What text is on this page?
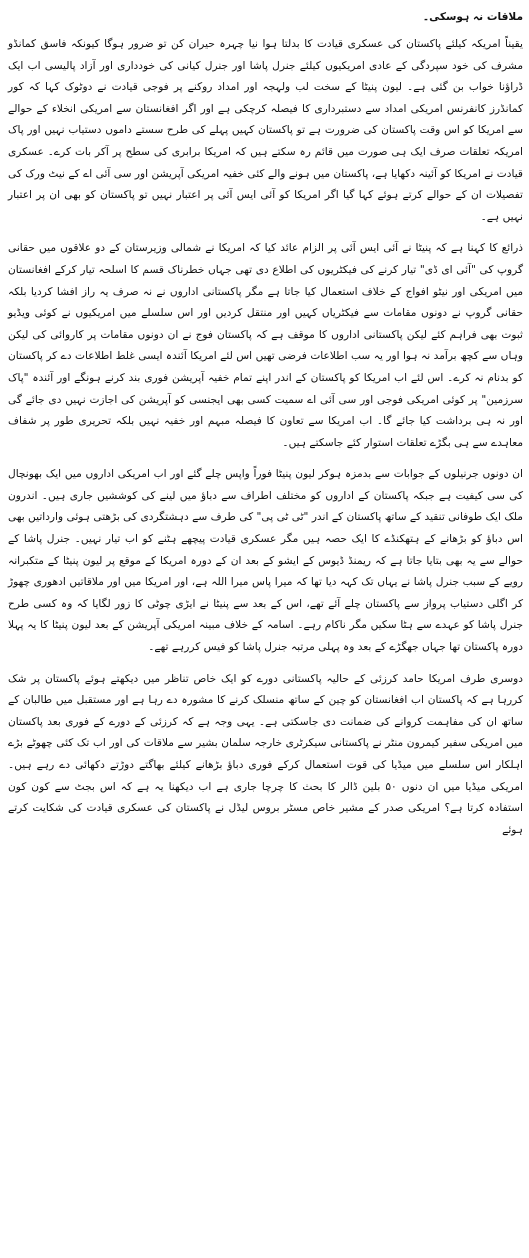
ملاقات نہ ہوسکی۔

یقیناً امریکہ کیلئے پاکستان کی عسکری قیادت کا بدلتا ہوا نیا چہرہ حیران کن تو ضرور ہوگا کیونکہ فاسق کمانڈو مشرف کی خود سپردگی کے عادی امریکیوں کیلئے جنرل پاشا اور جنرل کیانی کی خودداری اور آزاد پالیسی اب ایک ڈراؤنا خواب بن گئی ہے۔ لیون پنیٹا کے سخت لب ولہجہ اور امداد روکنے پر فوجی قیادت نے دوٹوک کہا کہ کور کمانڈرز کانفرنس امریکی امداد سے دستبرداری کا فیصلہ کرچکی ہے اور اگر افغانستان سے امریکی انخلاء کے حوالے سے امریکا کو اس وقت پاکستان کی ضرورت ہے تو پاکستان کہیں پہلے کی طرح سستے داموں دستیاب نہیں اور پاک امریکہ تعلقات صرف ایک ہی صورت میں قائم رہ سکتے ہیں کہ امریکا برابری کی سطح پر آکر بات کرے۔ عسکری قیادت نے امریکا کو آئینہ دکھایا ہے، پاکستان میں ہونے والے کئی خفیہ امریکی آپریشن اور سی آئی اے کے نیٹ ورک کی تفصیلات ان کے حوالے کرتے ہوئے کہا گیا اگر امریکا کو آئی ایس آئی پر اعتبار نہیں تو پاکستان کو بھی ان پر اعتبار نہیں ہے۔

ذرائع کا کہنا ہے کہ پنیٹا نے آئی ایس آئی پر الزام عائد کیا کہ امریکا نے شمالی وزیرستان کے دو علاقوں میں حقانی گروپ کی "آئی ای ڈی" تیار کرنے کی فیکٹریوں کی اطلاع دی تھی جہاں خطرناک قسم کا اسلحہ تیار کرکے افغانستان میں امریکی اور نیٹو افواج کے خلاف استعمال کیا جاتا ہے مگر پاکستانی اداروں نے نہ صرف یہ راز افشا کردیا بلکہ حقانی گروپ نے دونوں مقامات سے فیکٹریاں کہیں اور منتقل کردیں اور اس سلسلے میں امریکیوں نے کوئی ویڈیو ثبوت بھی فراہم کئے لیکن پاکستانی اداروں کا موقف ہے کہ پاکستان فوج نے ان دونوں مقامات پر کاروائی کی لیکن وہاں سے کچھ برآمد نہ ہوا اور یہ سب اطلاعات فرضی تھیں اس لئے امریکا آئندہ ایسی غلط اطلاعات دے کر پاکستان کو بدنام نہ کرے۔ اس لئے اب امریکا کو پاکستان کے اندر اپنے تمام خفیہ آپریشن فوری بند کرنے ہونگے اور آئندہ "پاک سرزمین" پر کوئی امریکی فوجی اور سی آئی اے سمیت کسی بھی ایجنسی کو آپریشن کی اجازت نہیں دی جائے گی اور نہ ہی برداشت کیا جائے گا۔ اب امریکا سے تعاون کا فیصلہ مبہم اور خفیہ نہیں بلکہ تحریری طور پر شفاف معاہدے سے ہی بگڑے تعلقات استوار کئے جاسکتے ہیں۔

ان دونوں جرنیلوں کے جوابات سے بدمزہ ہوکر لیون پنیٹا فوراً واپس چلے گئے اور اب امریکی اداروں میں ایک بھونچال کی سی کیفیت ہے جبکہ پاکستان کے اداروں کو مختلف اطراف سے دباؤ میں لینے کی کوششیں جاری ہیں۔ اندرون ملک ایک طوفانی تنقید کے ساتھ پاکستان کے اندر "ٹی ٹی پی" کی طرف سے دہشتگردی کی بڑھتی ہوئی وارداتیں بھی اس دباؤ کو بڑھانے کے ہتھکنڈے کا ایک حصہ ہیں مگر عسکری قیادت پیچھے ہٹنے کو اب تیار نہیں۔ جنرل پاشا کے حوالے سے یہ بھی بتایا جاتا ہے کہ ریمنڈ ڈیوس کے ایشو کے بعد ان کے دورہ امریکا کے موقع پر لیون پنیٹا کے متکبرانہ رویے کے سبب جنرل پاشا نے یہاں تک کہہ دیا تھا کہ میرا پاس میرا اللہ ہے، اور امریکا میں اور ملاقاتیں ادھوری چھوڑ کر اگلی دستیاب پرواز سے پاکستان چلے آئے تھے، اس کے بعد سے پنیٹا نے ایڑی چوٹی کا زور لگایا کہ وہ کسی طرح جنرل پاشا کو عہدے سے ہٹا سکیں مگر ناکام رہے۔ اسامہ کے خلاف مبینہ امریکی آپریشن کے بعد لیون پنیٹا کا یہ پہلا دورہ پاکستان تھا جہاں جھگڑے کے بعد وہ پہلی مرتبہ جنرل پاشا کو فیس کررہے تھے۔

دوسری طرف امریکا حامد کرزئی کے حالیہ پاکستانی دورے کو ایک خاص تناظر میں دیکھتے ہوئے پاکستان پر شک کررہا ہے کہ پاکستان اب افغانستان کو چین کے ساتھ منسلک کرنے کا مشورہ دے رہا ہے اور مستقبل میں طالبان کے ساتھ ان کی مفاہمت کروانے کی ضمانت دی جاسکتی ہے۔ یہی وجہ ہے کہ کرزئی کے دورے کے فوری بعد پاکستان میں امریکی سفیر کیمرون منٹر نے پاکستانی سیکرٹری خارجہ سلمان بشیر سے ملاقات کی اور اب تک کئی چھوٹے بڑے اہلکار اس سلسلے میں میڈیا کی قوت استعمال کرکے فوری دباؤ بڑھانے کیلئے بھاگتے دوڑتے دکھائی دے رہے ہیں۔ امریکی میڈیا میں ان دنوں ۵۰ بلین ڈالر کا بحث کا چرچا جاری ہے اب دیکھنا یہ ہے کہ اس بجٹ سے کون کون استفادہ کرتا ہے؟ امریکی صدر کے مشیر خاص مسٹر بروس لیڈل نے پاکستان کی عسکری قیادت کی شکایت کرتے ہوئے
